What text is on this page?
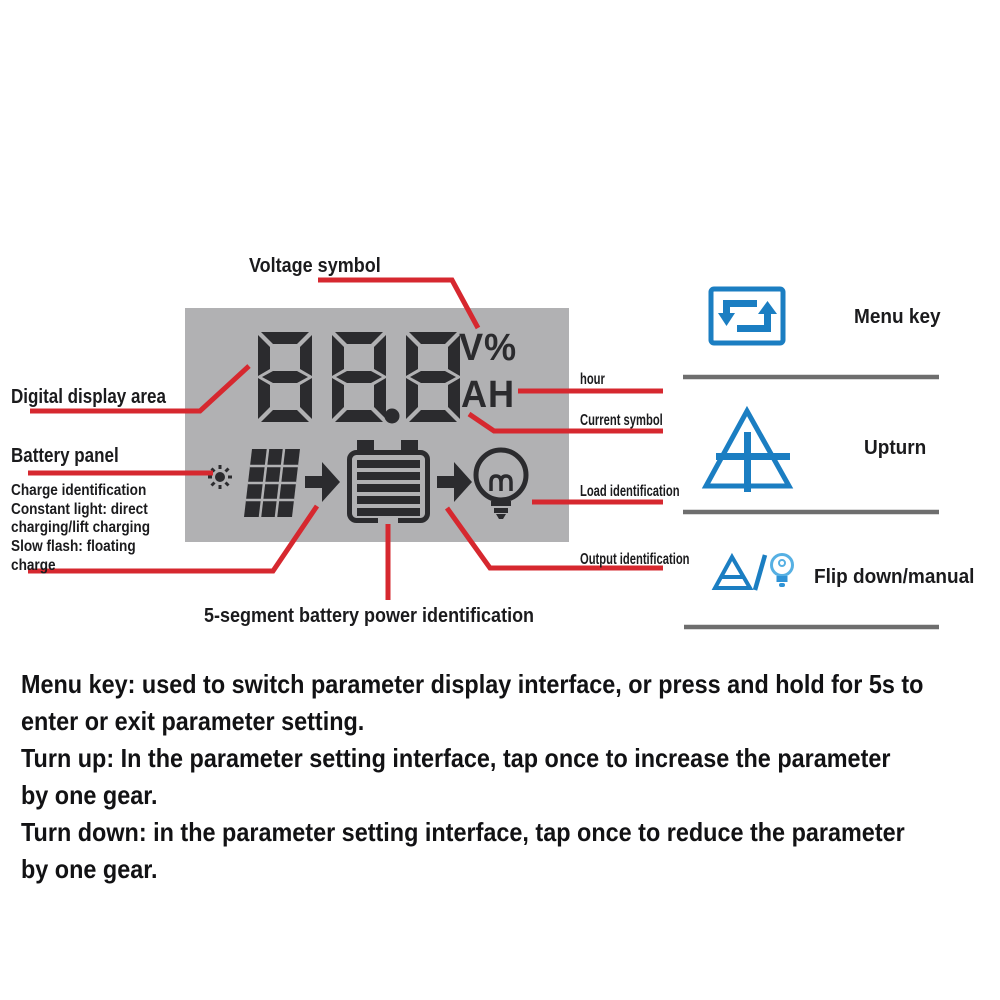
V%
AH
Voltage symbol
Digital display area
Battery panel
Charge identification
Constant light: direct
charging/lift charging
Slow flash: floating
charge
5-segment battery power identification
hour
Current symbol
Load identification
Output identification
Menu key
Upturn
Flip down/manual
Menu key: used to switch parameter display interface, or press and hold for 5s to
enter or exit parameter setting.
Turn up: In the parameter setting interface, tap once to increase the parameter
by one gear.
Turn down: in the parameter setting interface, tap once to reduce the parameter
by one gear.
